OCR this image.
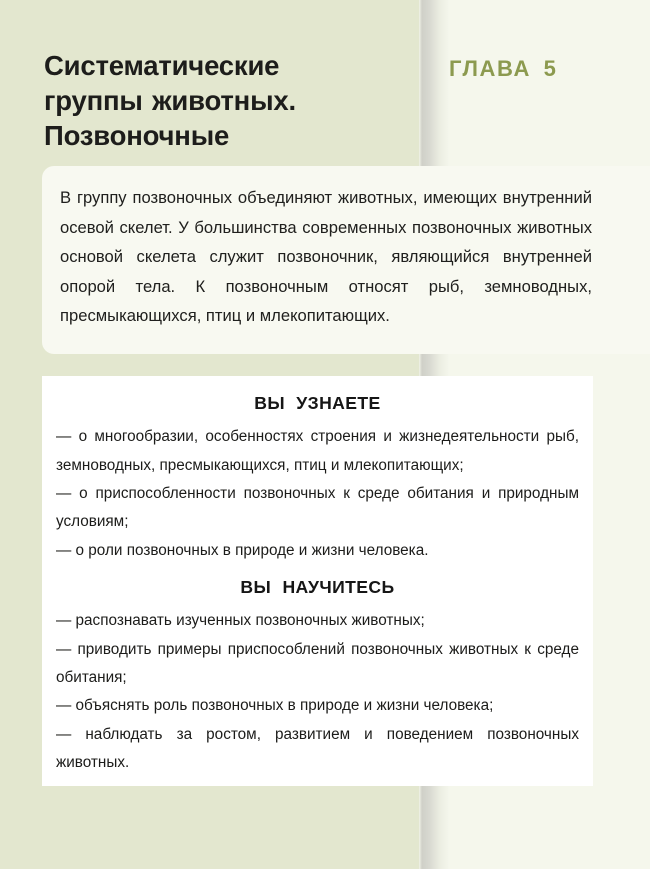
Систематические группы животных. Позвоночные
ГЛАВА 5

В группу позвоночных объединяют животных, имеющих внутренний осевой скелет. У большинства современных позвоночных животных основой скелета служит позвоночник, являющийся внутренней опорой тела. К позвоночным относят рыб, земноводных, пресмыкающихся, птиц и млекопитающих.

ВЫ УЗНАЕТЕ

— о многообразии, особенностях строения и жизнедеятельности рыб, земноводных, пресмыкающихся, птиц и млекопитающих;

— о приспособленности позвоночных к среде обитания и природным условиям;

— о роли позвоночных в природе и жизни человека.

ВЫ НАУЧИТЕСЬ

— распознавать изученных позвоночных животных;

— приводить примеры приспособлений позвоночных животных к среде обитания;

— объяснять роль позвоночных в природе и жизни человека;

— наблюдать за ростом, развитием и поведением позвоночных животных.
